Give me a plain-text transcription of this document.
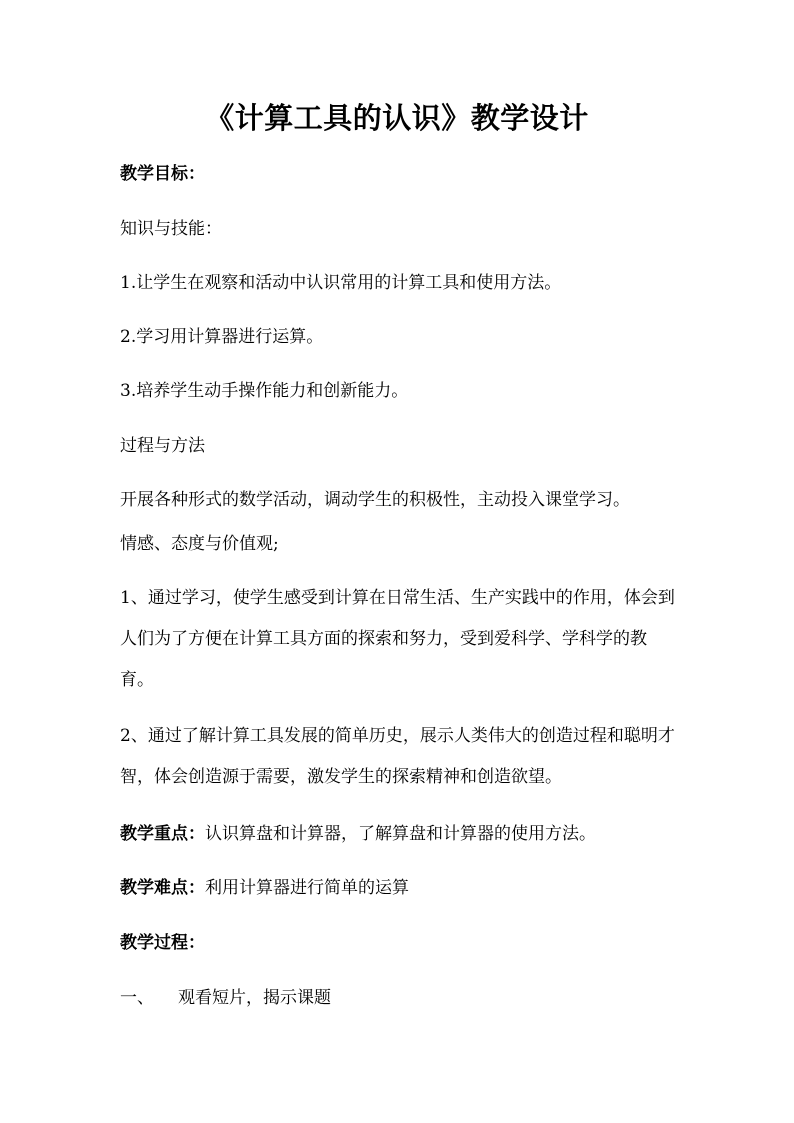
《计算工具的认识》教学设计
教学目标：
知识与技能：
1.让学生在观察和活动中认识常用的计算工具和使用方法。
2.学习用计算器进行运算。
3.培养学生动手操作能力和创新能力。
过程与方法
开展各种形式的数学活动，调动学生的积极性，主动投入课堂学习。
情感、态度与价值观;
1、通过学习，使学生感受到计算在日常生活、生产实践中的作用，体会到人们为了方便在计算工具方面的探索和努力，受到爱科学、学科学的教育。
2、通过了解计算工具发展的简单历史，展示人类伟大的创造过程和聪明才智，体会创造源于需要，激发学生的探索精神和创造欲望。
教学重点：认识算盘和计算器，了解算盘和计算器的使用方法。
教学难点：利用计算器进行简单的运算
教学过程：
一、 观看短片，揭示课题
